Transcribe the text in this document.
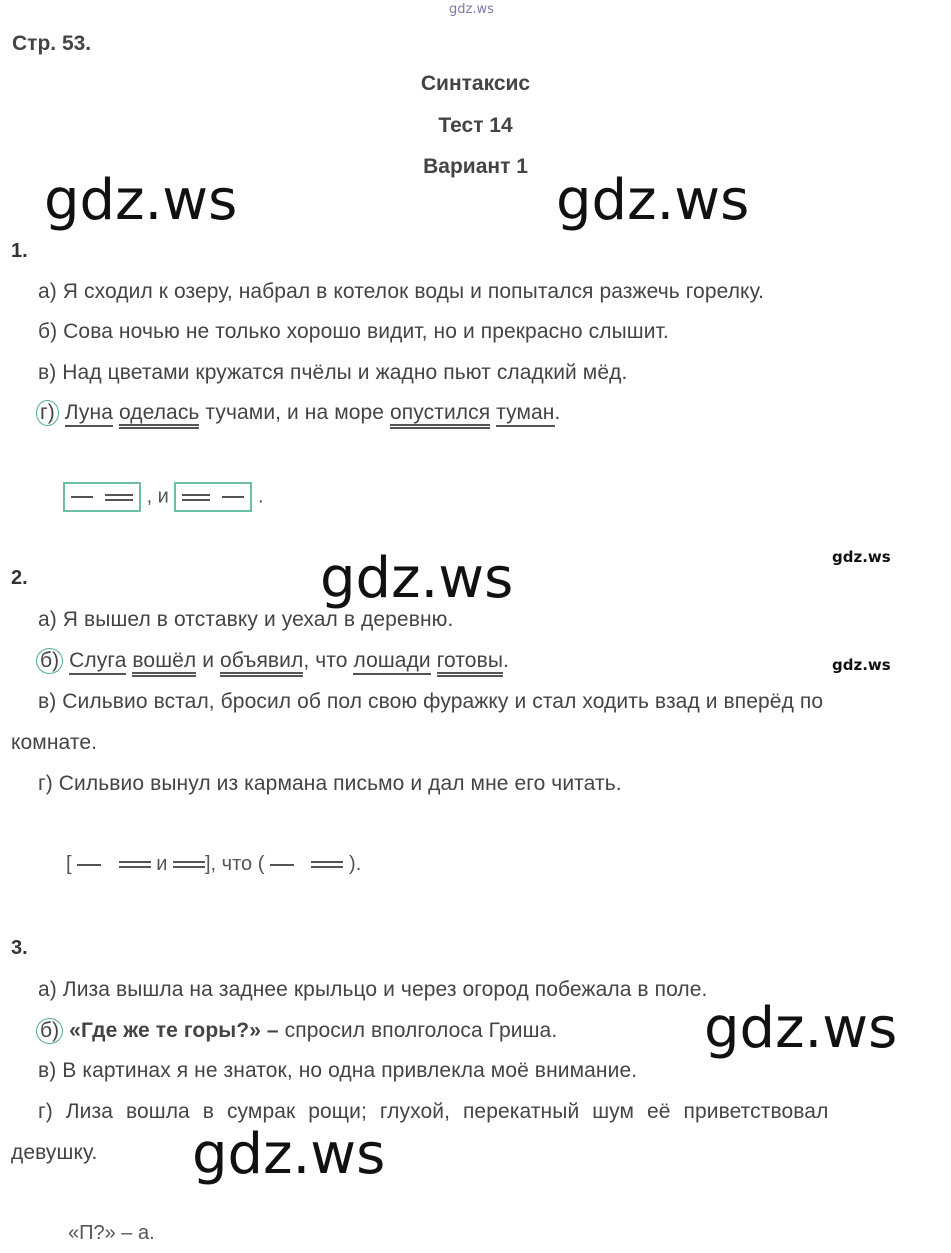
gdz.ws
gdz.ws	gdz.ws
gdz.ws	gdz.ws
gdz.ws
gdz.ws
gdz.ws
Стр. 53.
Синтаксис
Тест 14
Вариант 1
1.
а) Я сходил к озеру, набрал в котелок воды и попытался разжечь горелку.
б) Сова ночью не только хорошо видит, но и прекрасно слышит.
в) Над цветами кружатся пчёлы и жадно пьют сладкий мёд.
г) Луна оделась тучами, и на море опустился туман.
, и	.
2.
а) Я вышел в отставку и уехал в деревню.
б) Слуга вошёл и объявил, что лошади готовы.
в) Сильвио встал, бросил об пол свою фуражку и стал ходить взад и вперёд по
комнате.
г) Сильвио вынул из кармана письмо и дал мне его читать.
[	и ], что (	).
3.
а) Лиза вышла на заднее крыльцо и через огород побежала в поле.
б) «Где же те горы?» – спросил вполголоса Гриша.
в) В картинах я не знаток, но одна привлекла моё внимание.
г) Лиза вошла в сумрак рощи; глухой, перекатный шум её приветствовал
девушку.
«П?» – а.
